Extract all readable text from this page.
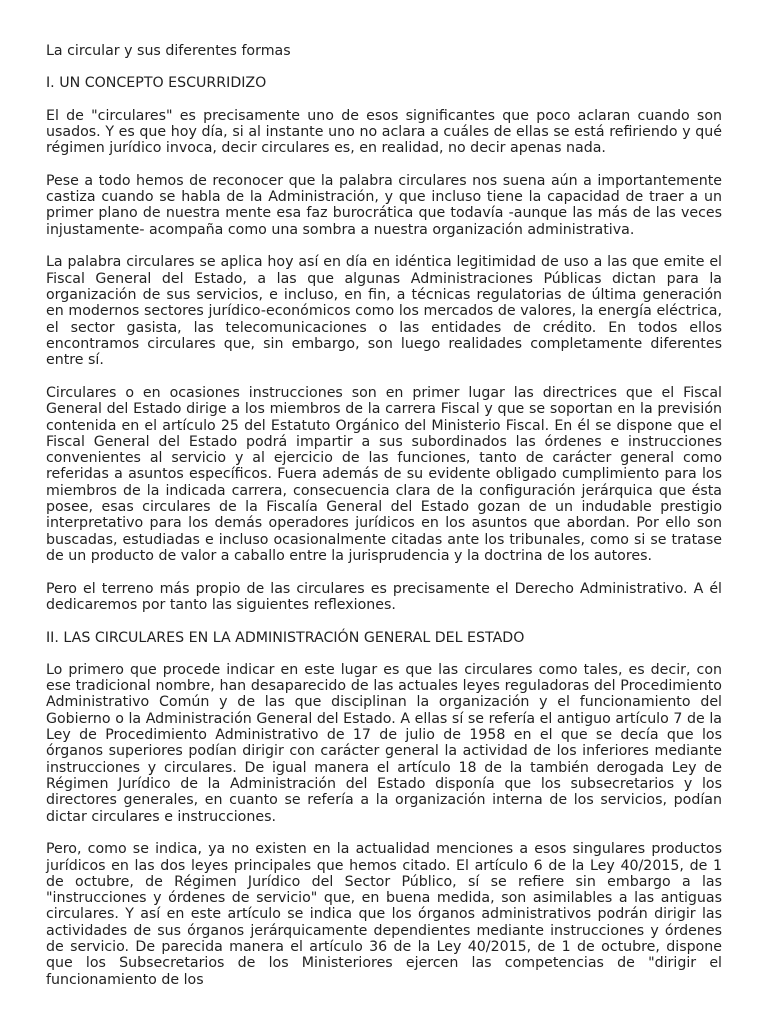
La circular y sus diferentes formas
I. UN CONCEPTO ESCURRIDIZO

El de "circulares" es precisamente uno de esos significantes que poco aclaran cuando son usados. Y es que hoy día, si al instante uno no aclara a cuáles de ellas se está refiriendo y qué régimen jurídico invoca, decir circulares es, en realidad, no decir apenas nada.

Pese a todo hemos de reconocer que la palabra circulares nos suena aún a importantemente castiza cuando se habla de la Administración, y que incluso tiene la capacidad de traer a un primer plano de nuestra mente esa faz burocrática que todavía -aunque las más de las veces injustamente- acompaña como una sombra a nuestra organización administrativa.

La palabra circulares se aplica hoy así en día en idéntica legitimidad de uso a las que emite el Fiscal General del Estado, a las que algunas Administraciones Públicas dictan para la organización de sus servicios, e incluso, en fin, a técnicas regulatorias de última generación en modernos sectores jurídico-económicos como los mercados de valores, la energía eléctrica, el sector gasista, las telecomunicaciones o las entidades de crédito. En todos ellos encontramos circulares que, sin embargo, son luego realidades completamente diferentes entre sí.

Circulares o en ocasiones instrucciones son en primer lugar las directrices que el Fiscal General del Estado dirige a los miembros de la carrera Fiscal y que se soportan en la previsión contenida en el artículo 25 del Estatuto Orgánico del Ministerio Fiscal. En él se dispone que el Fiscal General del Estado podrá impartir a sus subordinados las órdenes e instrucciones convenientes al servicio y al ejercicio de las funciones, tanto de carácter general como referidas a asuntos específicos. Fuera además de su evidente obligado cumplimiento para los miembros de la indicada carrera, consecuencia clara de la configuración jerárquica que ésta posee, esas circulares de la Fiscalía General del Estado gozan de un indudable prestigio interpretativo para los demás operadores jurídicos en los asuntos que abordan. Por ello son buscadas, estudiadas e incluso ocasionalmente citadas ante los tribunales, como si se tratase de un producto de valor a caballo entre la jurisprudencia y la doctrina de los autores.

Pero el terreno más propio de las circulares es precisamente el Derecho Administrativo. A él dedicaremos por tanto las siguientes reflexiones.

II. LAS CIRCULARES EN LA ADMINISTRACIÓN GENERAL DEL ESTADO

Lo primero que procede indicar en este lugar es que las circulares como tales, es decir, con ese tradicional nombre, han desaparecido de las actuales leyes reguladoras del Procedimiento Administrativo Común y de las que disciplinan la organización y el funcionamiento del Gobierno o la Administración General del Estado. A ellas sí se refería el antiguo artículo 7 de la Ley de Procedimiento Administrativo de 17 de julio de 1958 en el que se decía que los órganos superiores podían dirigir con carácter general la actividad de los inferiores mediante instrucciones y circulares. De igual manera el artículo 18 de la también derogada Ley de Régimen Jurídico de la Administración del Estado disponía que los subsecretarios y los directores generales, en cuanto se refería a la organización interna de los servicios, podían dictar circulares e instrucciones.

Pero, como se indica, ya no existen en la actualidad menciones a esos singulares productos jurídicos en las dos leyes principales que hemos citado. El artículo 6 de la Ley 40/2015, de 1 de octubre, de Régimen Jurídico del Sector Público, sí se refiere sin embargo a las "instrucciones y órdenes de servicio" que, en buena medida, son asimilables a las antiguas circulares. Y así en este artículo se indica que los órganos administrativos podrán dirigir las actividades de sus órganos jerárquicamente dependientes mediante instrucciones y órdenes de servicio. De parecida manera el artículo 36 de la Ley 40/2015, de 1 de octubre, dispone que los Subsecretarios de los Ministeriores ejercen las competencias de "dirigir el funcionamiento de los
